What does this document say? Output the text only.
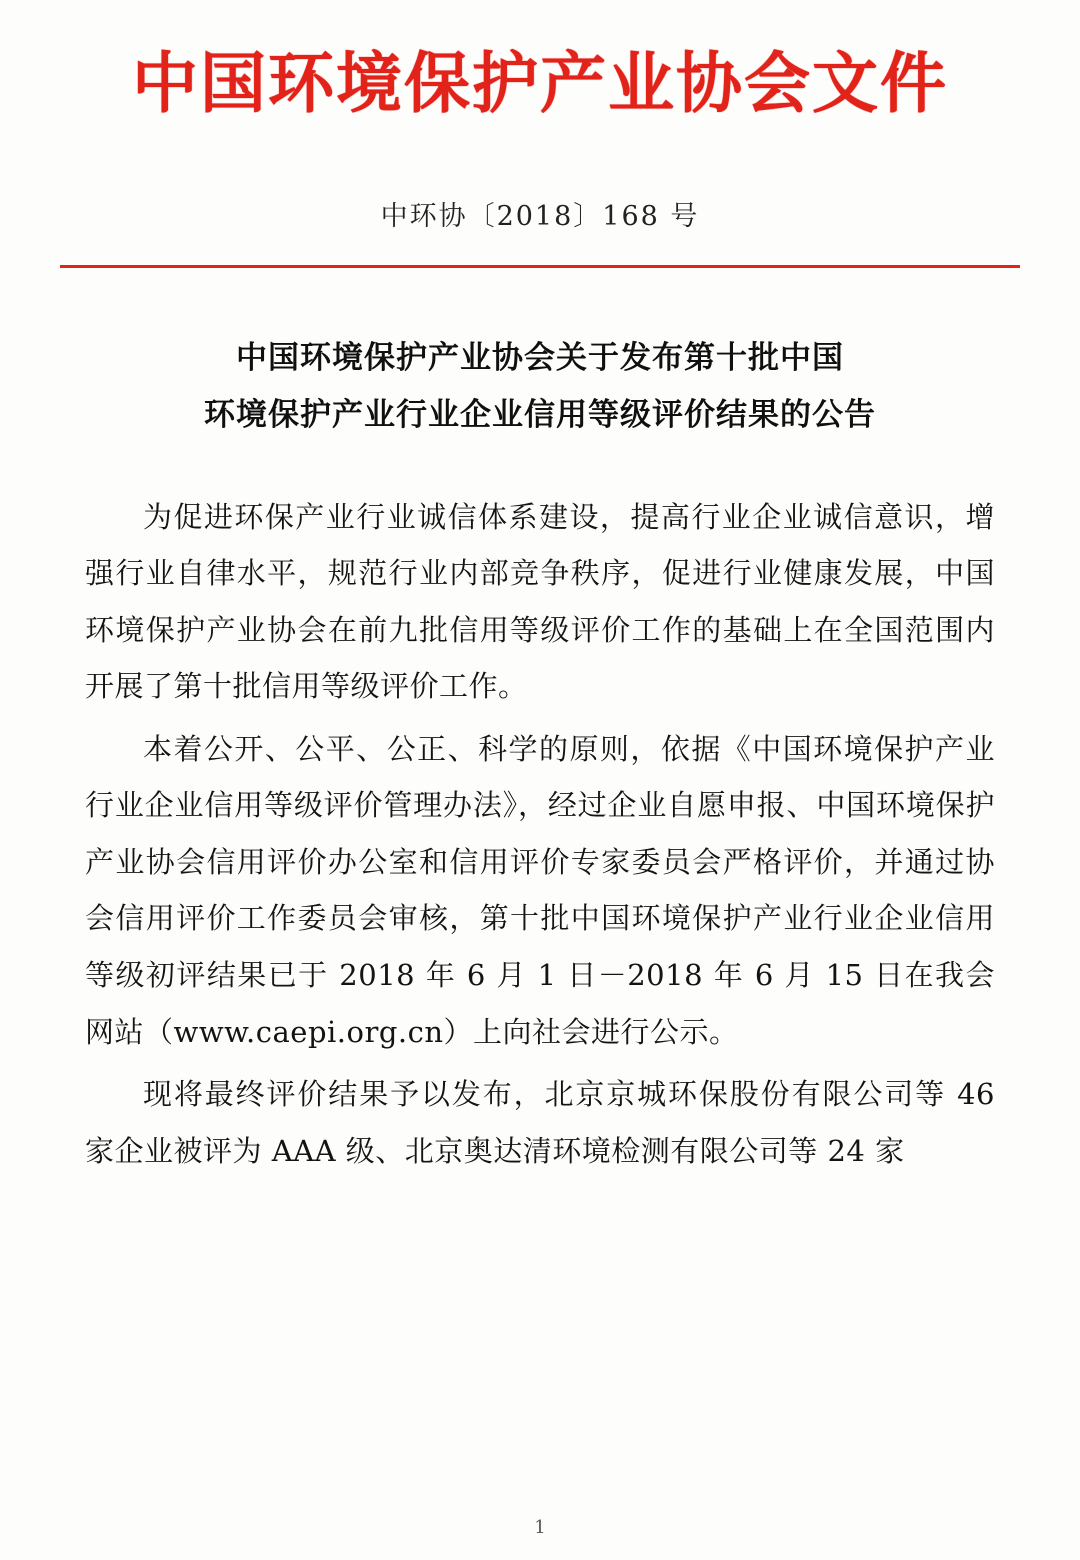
中国环境保护产业协会文件
中环协〔2018〕168 号
中国环境保护产业协会关于发布第十批中国
环境保护产业行业企业信用等级评价结果的公告

为促进环保产业行业诚信体系建设，提高行业企业诚信意识，增强行业自律水平，规范行业内部竞争秩序，促进行业健康发展，中国环境保护产业协会在前九批信用等级评价工作的基础上在全国范围内开展了第十批信用等级评价工作。

本着公开、公平、公正、科学的原则，依据《中国环境保护产业行业企业信用等级评价管理办法》，经过企业自愿申报、中国环境保护产业协会信用评价办公室和信用评价专家委员会严格评价，并通过协会信用评价工作委员会审核，第十批中国环境保护产业行业企业信用等级初评结果已于 2018 年 6 月 1 日－2018 年 6 月 15 日在我会网站（www.caepi.org.cn）上向社会进行公示。

现将最终评价结果予以发布，北京京城环保股份有限公司等 46 家企业被评为 AAA 级、北京奥达清环境检测有限公司等 24 家

1
